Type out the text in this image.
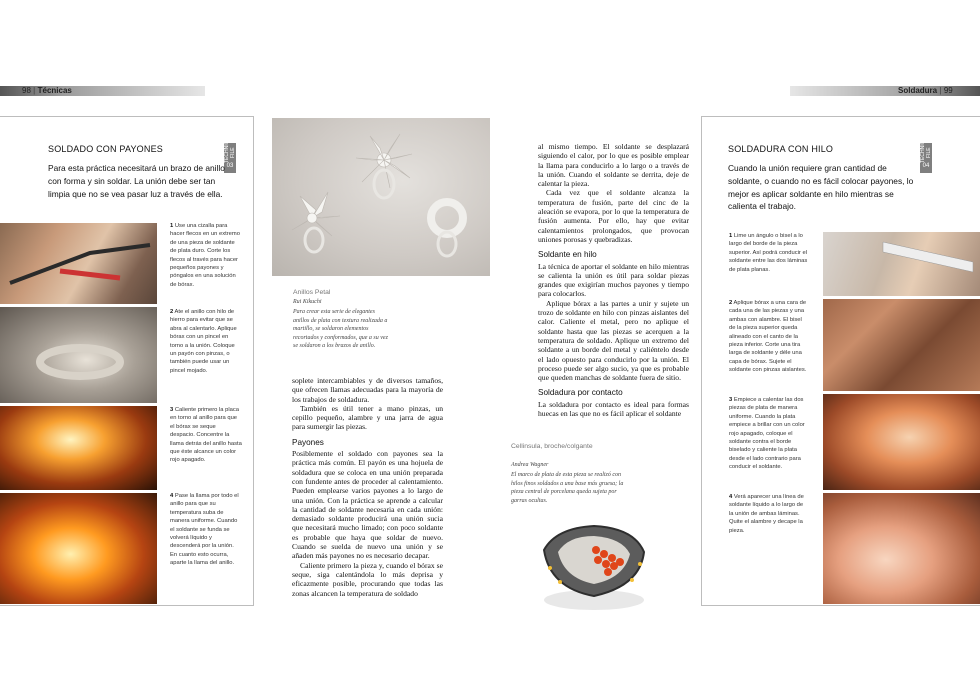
98 | Técnicas	Soldadura | 99
SOLDADO CON PAYONES	TECHNIQUE FILE
03
Para esta práctica necesitará un brazo de anillo con forma y sin soldar. La unión debe ser tan limpia que no se vea pasar luz a través de ella.
1 Use una cizalla para hacer flecos en un extremo de una pieza de soldante de plata duro. Corte los flecos al través para hacer pequeños payones y póngalos en una solución de bórax.
2 Ate el anillo con hilo de hierro para evitar que se abra al calentarlo. Aplique bórax con un pincel en torno a la unión. Coloque un payón con pinzas, o también puede usar un pincel mojado.
3 Caliente primero la placa en torno al anillo para que el bórax se seque despacio. Concentre la llama detrás del anillo hasta que éste alcance un color rojo apagado.
4 Pase la llama por todo el anillo para que su temperatura suba de manera uniforme. Cuando el soldante se funda se volverá líquido y descenderá por la unión. En cuanto esto ocurra, aparte la llama del anillo.
Anillos Petal
Rui Kikuchi
Para crear esta serie de elegantes anillos de plata con textura realizada a martillo, se soldaron elementos recortados y conformados, que a su vez se soldaron a los brazos de anillo.

soplete intercambiables y de diversos tamaños, que ofrecen llamas adecuadas para la mayoría de los trabajos de soldadura.

También es útil tener a mano pinzas, un cepillo pequeño, alambre y una jarra de agua para sumergir las piezas.

Payones

Posiblemente el soldado con payones sea la práctica más común. El payón es una hojuela de soldadura que se coloca en una unión preparada con fundente antes de proceder al calentamiento. Pueden emplearse varios payones a lo largo de una unión. Con la práctica se aprende a calcular la cantidad de soldante necesaria en cada unión: demasiado soldante producirá una unión sucia que necesitará mucho limado; con poco soldante es probable que haya que soldar de nuevo. Cuando se suelda de nuevo una unión y se añaden más payones no es necesario decapar.

Caliente primero la pieza y, cuando el bórax se seque, siga calentándola lo más deprisa y eficazmente posible, procurando que todas las zonas alcancen la temperatura de soldado

al mismo tiempo. El soldante se desplazará siguiendo el calor, por lo que es posible emplear la llama para conducirlo a lo largo o a través de la unión. Cuando el soldante se derrita, deje de calentar la pieza.

Cada vez que el soldante alcanza la temperatura de fusión, parte del cinc de la aleación se evapora, por lo que la temperatura de fusión aumenta. Por ello, hay que evitar calentamientos prolongados, que provocan uniones porosas y quebradizas.

Soldante en hilo

La técnica de aportar el soldante en hilo mientras se calienta la unión es útil para soldar piezas grandes que exigirían muchos payones y tiempo para colocarlos.

Aplique bórax a las partes a unir y sujete un trozo de soldante en hilo con pinzas aislantes del calor. Caliente el metal, pero no aplique el soldante hasta que las piezas se acerquen a la temperatura de soldado. Aplique un extremo del soldante a un borde del metal y caliéntelo desde el lado opuesto para conducirlo por la unión. El proceso puede ser algo sucio, ya que es probable que queden manchas de soldante fuera de sitio.

Soldadura por contacto

La soldadura por contacto es ideal para formas huecas en las que no es fácil aplicar el soldante

Cellinsula, broche/colgante
Andrea Wagner
El marco de plata de esta pieza se realizó con hilos finos soldados a una base más gruesa; la pieza central de porcelana queda sujeta por garras ocultas.
SOLDADURA CON HILO	TECHNIQUE FILE
04
Cuando la unión requiere gran cantidad de soldante, o cuando no es fácil colocar payones, lo mejor es aplicar soldante en hilo mientras se calienta el trabajo.
1 Lime un ángulo o bisel a lo largo del borde de la pieza superior. Así podrá conducir el soldante entre las dos láminas de plata planas.
2 Aplique bórax a una cara de cada una de las piezas y una ambas con alambre. El bisel de la pieza superior queda alineado con el canto de la pieza inferior. Corte una tira larga de soldante y déle una capa de bórax. Sujete el soldante con pinzas aislantes.
3 Empiece a calentar las dos piezas de plata de manera uniforme. Cuando la plata empiece a brillar con un color rojo apagado, coloque el soldante contra el borde biselado y caliente la plata desde el lado contrario para conducir el soldante.
4 Verá aparecer una línea de soldante líquido a lo largo de la unión de ambas láminas. Quite el alambre y decape la pieza.
